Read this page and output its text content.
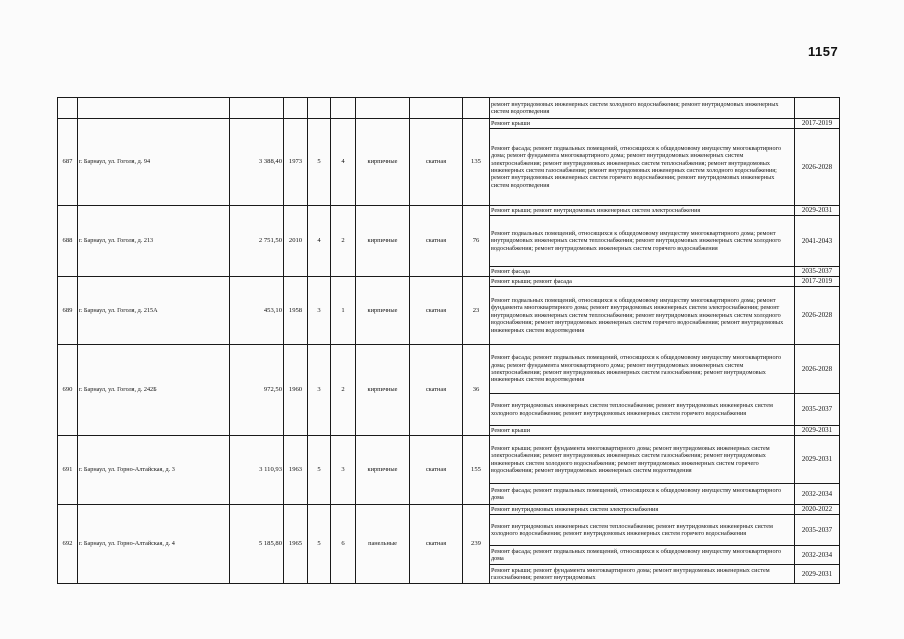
1157
									ремонт внутридомовых инженерных систем холодного водоснабжения; ремонт внутридомовых инженерных систем водоотведения	
687	г. Барнаул, ул. Гоголя, д. 94	3 388,40	1973	5	4	кирпичные	скатная	135	Ремонт крыши	2017-2019
									Ремонт фасада; ремонт подвальных помещений, относящихся к общедомовому имуществу многоквартирного дома; ремонт фундамента многоквартирного дома; ремонт внутридомовых инженерных систем электроснабжения; ремонт внутридомовых инженерных систем теплоснабжения; ремонт внутридомовых инженерных систем газоснабжения; ремонт внутридомовых инженерных систем холодного водоснабжения; ремонт внутридомовых инженерных систем горячего водоснабжения; ремонт внутридомовых инженерных систем водоотведения	2026-2028
688	г. Барнаул, ул. Гоголя, д. 213	2 751,50	2010	4	2	кирпичные	скатная	76	Ремонт крыши; ремонт внутридомовых инженерных систем электроснабжения	2029-2031
									Ремонт подвальных помещений, относящихся к общедомовому имуществу многоквартирного дома; ремонт внутридомовых инженерных систем теплоснабжения; ремонт внутридомовых инженерных систем холодного водоснабжения; ремонт внутридомовых инженерных систем горячего водоснабжения	2041-2043
									Ремонт фасада	2035-2037
689	г. Барнаул, ул. Гоголя, д. 215А	453,10	1958	3	1	кирпичные	скатная	23	Ремонт крыши; ремонт фасада	2017-2019
									Ремонт подвальных помещений, относящихся к общедомовому имуществу многоквартирного дома; ремонт фундамента многоквартирного дома; ремонт внутридомовых инженерных систем электроснабжения; ремонт внутридомовых инженерных систем теплоснабжения; ремонт внутридомовых инженерных систем холодного водоснабжения; ремонт внутридомовых инженерных систем горячего водоснабжения; ремонт внутридомовых инженерных систем водоотведения	2026-2028
690	г. Барнаул, ул. Гоголя, д. 242Б	972,50	1960	3	2	кирпичные	скатная	36	Ремонт фасада; ремонт подвальных помещений, относящихся к общедомовому имуществу многоквартирного дома; ремонт фундамента многоквартирного дома; ремонт внутридомовых инженерных систем электроснабжения; ремонт внутридомовых инженерных систем газоснабжения; ремонт внутридомовых инженерных систем водоотведения	2026-2028
									Ремонт внутридомовых инженерных систем теплоснабжения; ремонт внутридомовых инженерных систем холодного водоснабжения; ремонт внутридомовых инженерных систем горячего водоснабжения	2035-2037
									Ремонт крыши	2029-2031
691	г. Барнаул, ул. Горно-Алтайская, д. 3	3 110,93	1963	5	3	кирпичные	скатная	155	Ремонт крыши; ремонт фундамента многоквартирного дома; ремонт внутридомовых инженерных систем электроснабжения; ремонт внутридомовых инженерных систем газоснабжения; ремонт внутридомовых инженерных систем холодного водоснабжения; ремонт внутридомовых инженерных систем горячего водоснабжения; ремонт внутридомовых инженерных систем водоотведения	2029-2031
									Ремонт фасада; ремонт подвальных помещений, относящихся к общедомовому имуществу многоквартирного дома	2032-2034
692	г. Барнаул, ул. Горно-Алтайская, д. 4	5 185,80	1965	5	6	панельные	скатная	239	Ремонт внутридомовых инженерных систем электроснабжения	2020-2022
									Ремонт внутридомовых инженерных систем теплоснабжения; ремонт внутридомовых инженерных систем холодного водоснабжения; ремонт внутридомовых инженерных систем горячего водоснабжения	2035-2037
									Ремонт фасада; ремонт подвальных помещений, относящихся к общедомовому имуществу многоквартирного дома	2032-2034
									Ремонт крыши; ремонт фундамента многоквартирного дома; ремонт внутридомовых инженерных систем газоснабжения; ремонт внутридомовых	2029-2031
